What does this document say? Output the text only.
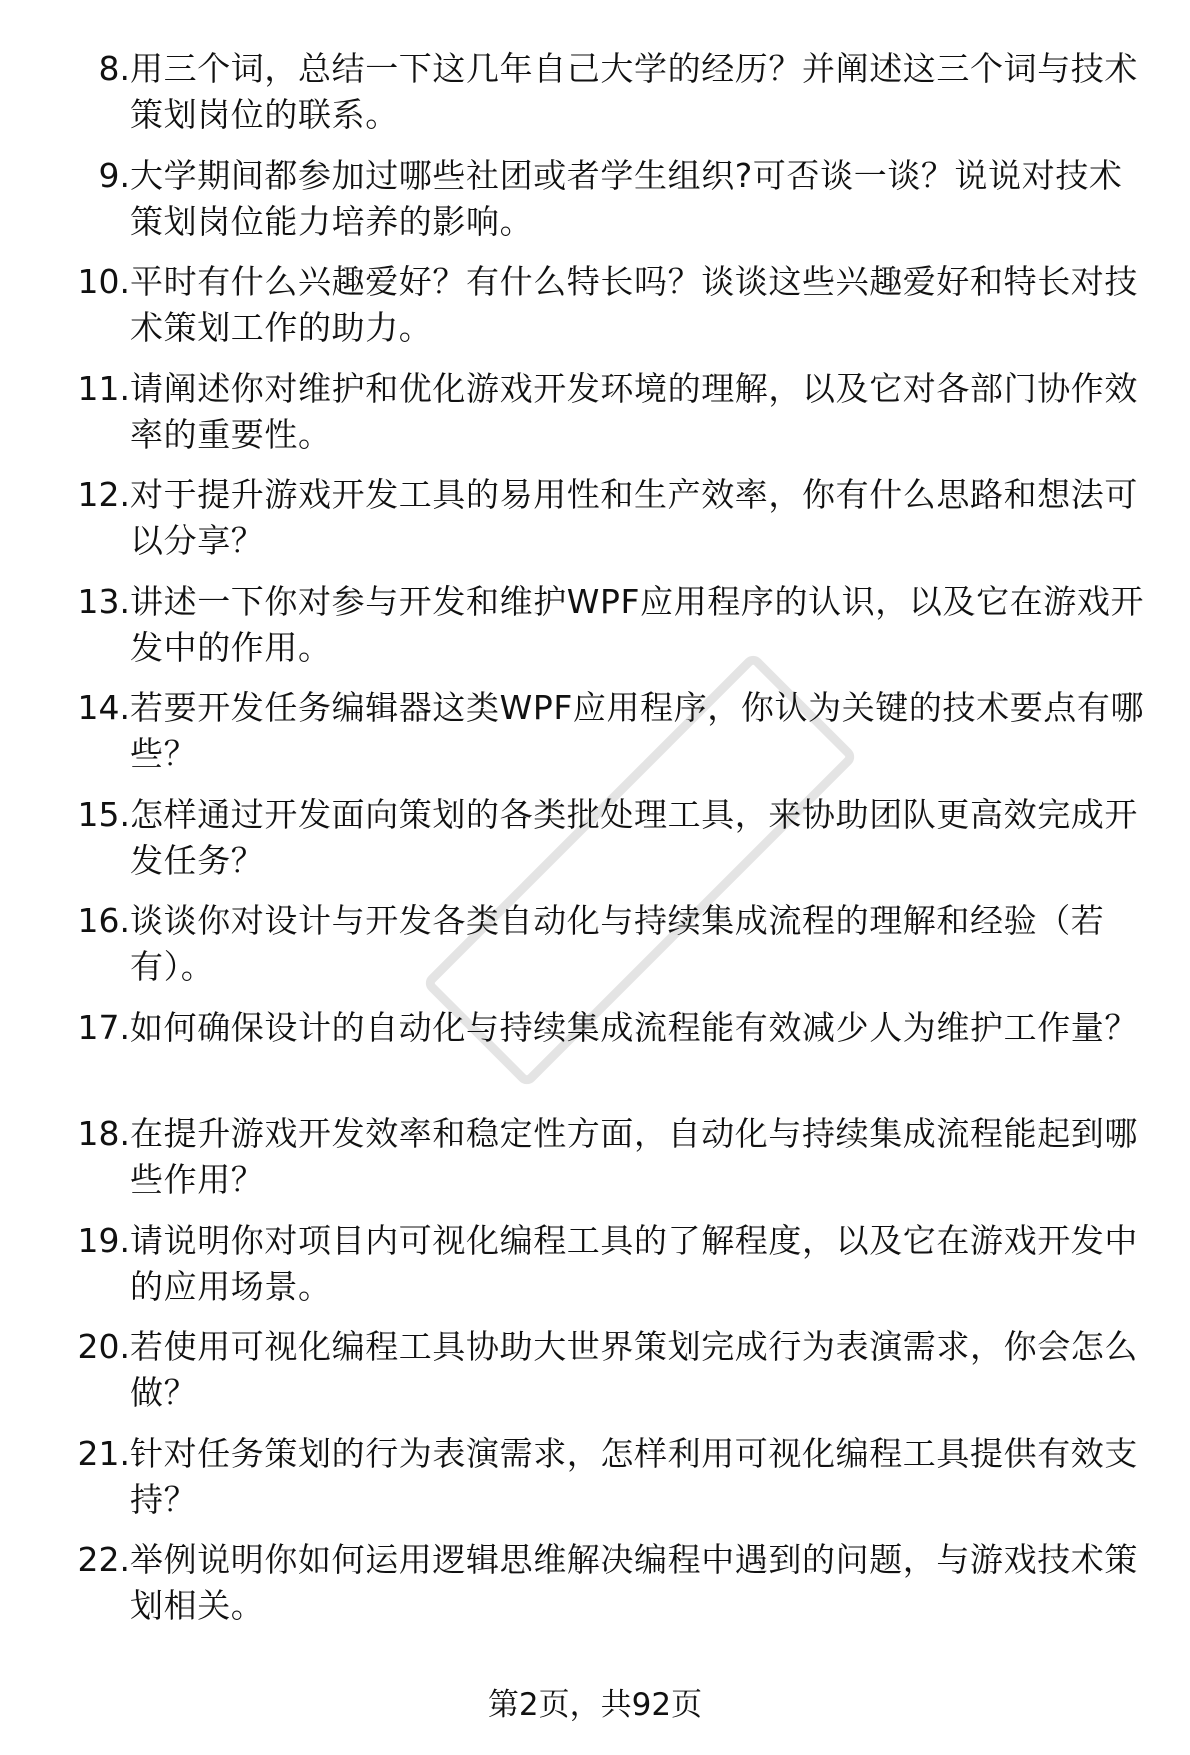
8. 用三个词，总结一下这几年自己大学的经历？并阐述这三个词与技术策划岗位的联系。
9. 大学期间都参加过哪些社团或者学生组织?可否谈一谈？说说对技术策划岗位能力培养的影响。
10. 平时有什么兴趣爱好？有什么特长吗？谈谈这些兴趣爱好和特长对技术策划工作的助力。
11. 请阐述你对维护和优化游戏开发环境的理解，以及它对各部门协作效率的重要性。
12. 对于提升游戏开发工具的易用性和生产效率，你有什么思路和想法可以分享？
13. 讲述一下你对参与开发和维护WPF应用程序的认识，以及它在游戏开发中的作用。
14. 若要开发任务编辑器这类WPF应用程序，你认为关键的技术要点有哪些？
15. 怎样通过开发面向策划的各类批处理工具，来协助团队更高效完成开发任务？
16. 谈谈你对设计与开发各类自动化与持续集成流程的理解和经验（若有）。
17. 如何确保设计的自动化与持续集成流程能有效减少人为维护工作量？
18. 在提升游戏开发效率和稳定性方面，自动化与持续集成流程能起到哪些作用？
19. 请说明你对项目内可视化编程工具的了解程度，以及它在游戏开发中的应用场景。
20. 若使用可视化编程工具协助大世界策划完成行为表演需求，你会怎么做？
21. 针对任务策划的行为表演需求，怎样利用可视化编程工具提供有效支持？
22. 举例说明你如何运用逻辑思维解决编程中遇到的问题，与游戏技术策划相关。
第2页，共92页
